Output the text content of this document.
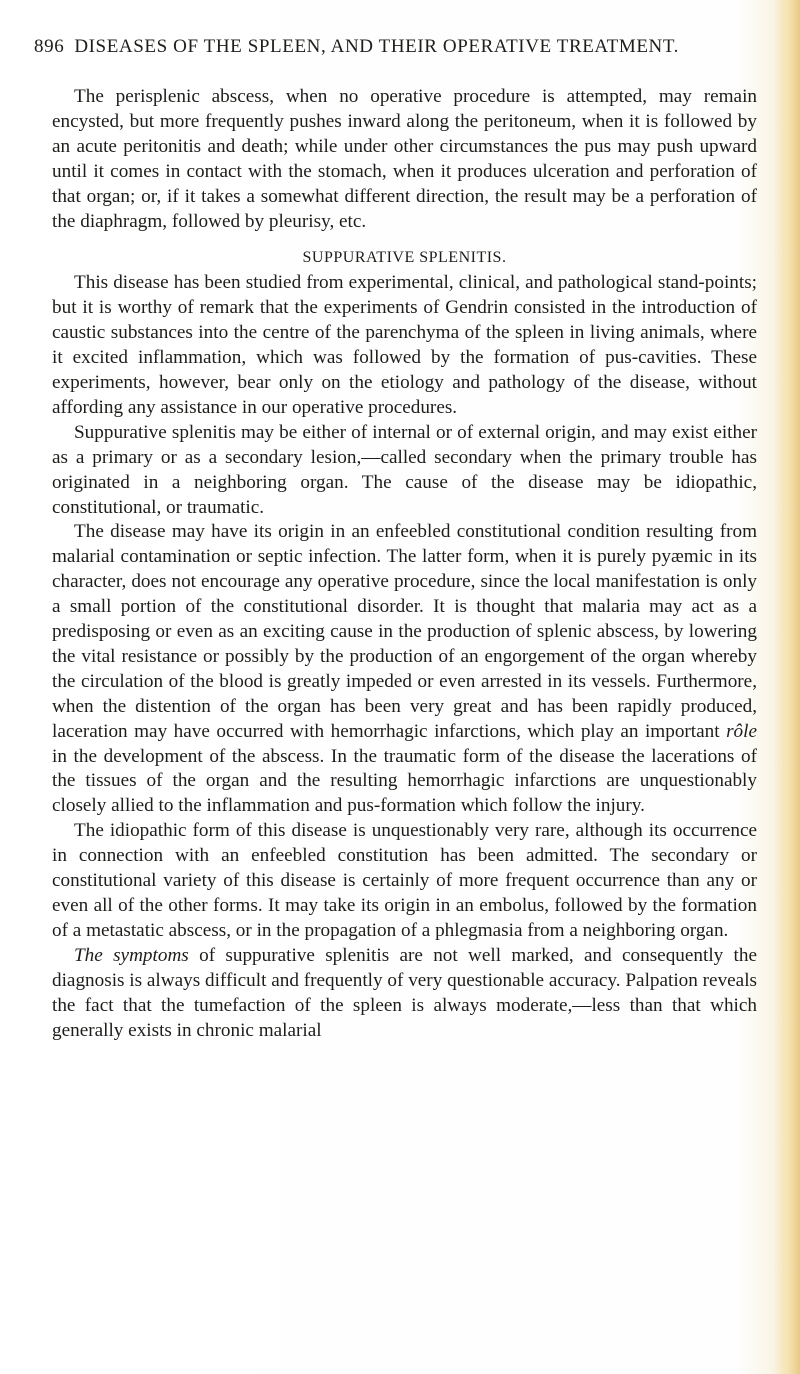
896 DISEASES OF THE SPLEEN, AND THEIR OPERATIVE TREATMENT.

The perisplenic abscess, when no operative procedure is attempted, may remain encysted, but more frequently pushes inward along the peritoneum, when it is followed by an acute peritonitis and death; while under other circumstances the pus may push upward until it comes in contact with the stomach, when it produces ulceration and perforation of that organ; or, if it takes a somewhat different direction, the result may be a perforation of the diaphragm, followed by pleurisy, etc.

SUPPURATIVE SPLENITIS.

This disease has been studied from experimental, clinical, and pathological stand-points; but it is worthy of remark that the experiments of Gendrin consisted in the introduction of caustic substances into the centre of the parenchyma of the spleen in living animals, where it excited inflammation, which was followed by the formation of pus-cavities. These experiments, however, bear only on the etiology and pathology of the disease, without affording any assistance in our operative procedures.

Suppurative splenitis may be either of internal or of external origin, and may exist either as a primary or as a secondary lesion,—called secondary when the primary trouble has originated in a neighboring organ. The cause of the disease may be idiopathic, constitutional, or traumatic.

The disease may have its origin in an enfeebled constitutional condition resulting from malarial contamination or septic infection. The latter form, when it is purely pyæmic in its character, does not encourage any operative procedure, since the local manifestation is only a small portion of the constitutional disorder. It is thought that malaria may act as a predisposing or even as an exciting cause in the production of splenic abscess, by lowering the vital resistance or possibly by the production of an engorgement of the organ whereby the circulation of the blood is greatly impeded or even arrested in its vessels. Furthermore, when the distention of the organ has been very great and has been rapidly produced, laceration may have occurred with hemorrhagic infarctions, which play an important rôle in the development of the abscess. In the traumatic form of the disease the lacerations of the tissues of the organ and the resulting hemorrhagic infarctions are unquestionably closely allied to the inflammation and pus-formation which follow the injury.

The idiopathic form of this disease is unquestionably very rare, although its occurrence in connection with an enfeebled constitution has been admitted. The secondary or constitutional variety of this disease is certainly of more frequent occurrence than any or even all of the other forms. It may take its origin in an embolus, followed by the formation of a metastatic abscess, or in the propagation of a phlegmasia from a neighboring organ.

The symptoms of suppurative splenitis are not well marked, and consequently the diagnosis is always difficult and frequently of very questionable accuracy. Palpation reveals the fact that the tumefaction of the spleen is always moderate,—less than that which generally exists in chronic malarial
